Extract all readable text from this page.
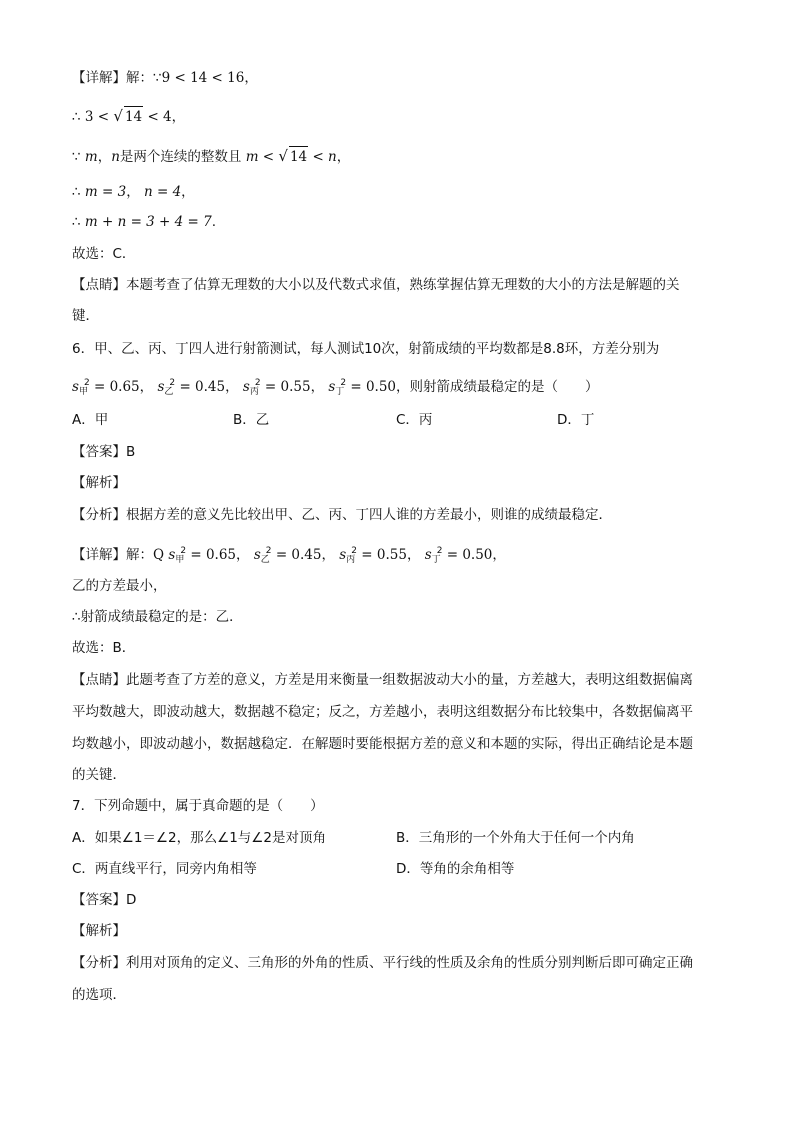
【详解】解：∵9 < 14 < 16，
∴ 3 < √ 14 < 4，
∵ m，n是两个连续的整数且 m < √ 14 < n，
∴ m = 3， n = 4，
∴ m + n = 3 + 4 = 7.
故选：C．
【点睛】本题考查了估算无理数的大小以及代数式求值，熟练掌握估算无理数的大小的方法是解题的关
键．
6．甲、乙、丙、丁四人进行射箭测试，每人测试10次，射箭成绩的平均数都是8.8环，方差分别为
$s_甲^2 = 0.65$， $s_乙^2 = 0.45$， $s_丙^2 = 0.55$， $s_丁^2 = 0.50$，则射箭成绩最稳定的是（　　）
A．甲	B．乙	C．丙	D．丁
【答案】B
【解析】
【分析】根据方差的意义先比较出甲、乙、丙、丁四人谁的方差最小，则谁的成绩最稳定．
【详解】解：Q $s_甲^2 = 0.65$， $s_乙^2 = 0.45$， $s_丙^2 = 0.55$， $s_丁^2 = 0.50$，
乙的方差最小，
∴射箭成绩最稳定的是：乙．
故选：B．
【点睛】此题考查了方差的意义，方差是用来衡量一组数据波动大小的量，方差越大，表明这组数据偏离
平均数越大，即波动越大，数据越不稳定；反之，方差越小，表明这组数据分布比较集中，各数据偏离平
均数越小，即波动越小，数据越稳定．在解题时要能根据方差的意义和本题的实际，得出正确结论是本题
的关键．
7．下列命题中，属于真命题的是（　　）
A．如果∠1＝∠2，那么∠1与∠2是对顶角	B．三角形的一个外角大于任何一个内角
C．两直线平行，同旁内角相等	D．等角的余角相等
【答案】D
【解析】
【分析】利用对顶角的定义、三角形的外角的性质、平行线的性质及余角的性质分别判断后即可确定正确
的选项．
